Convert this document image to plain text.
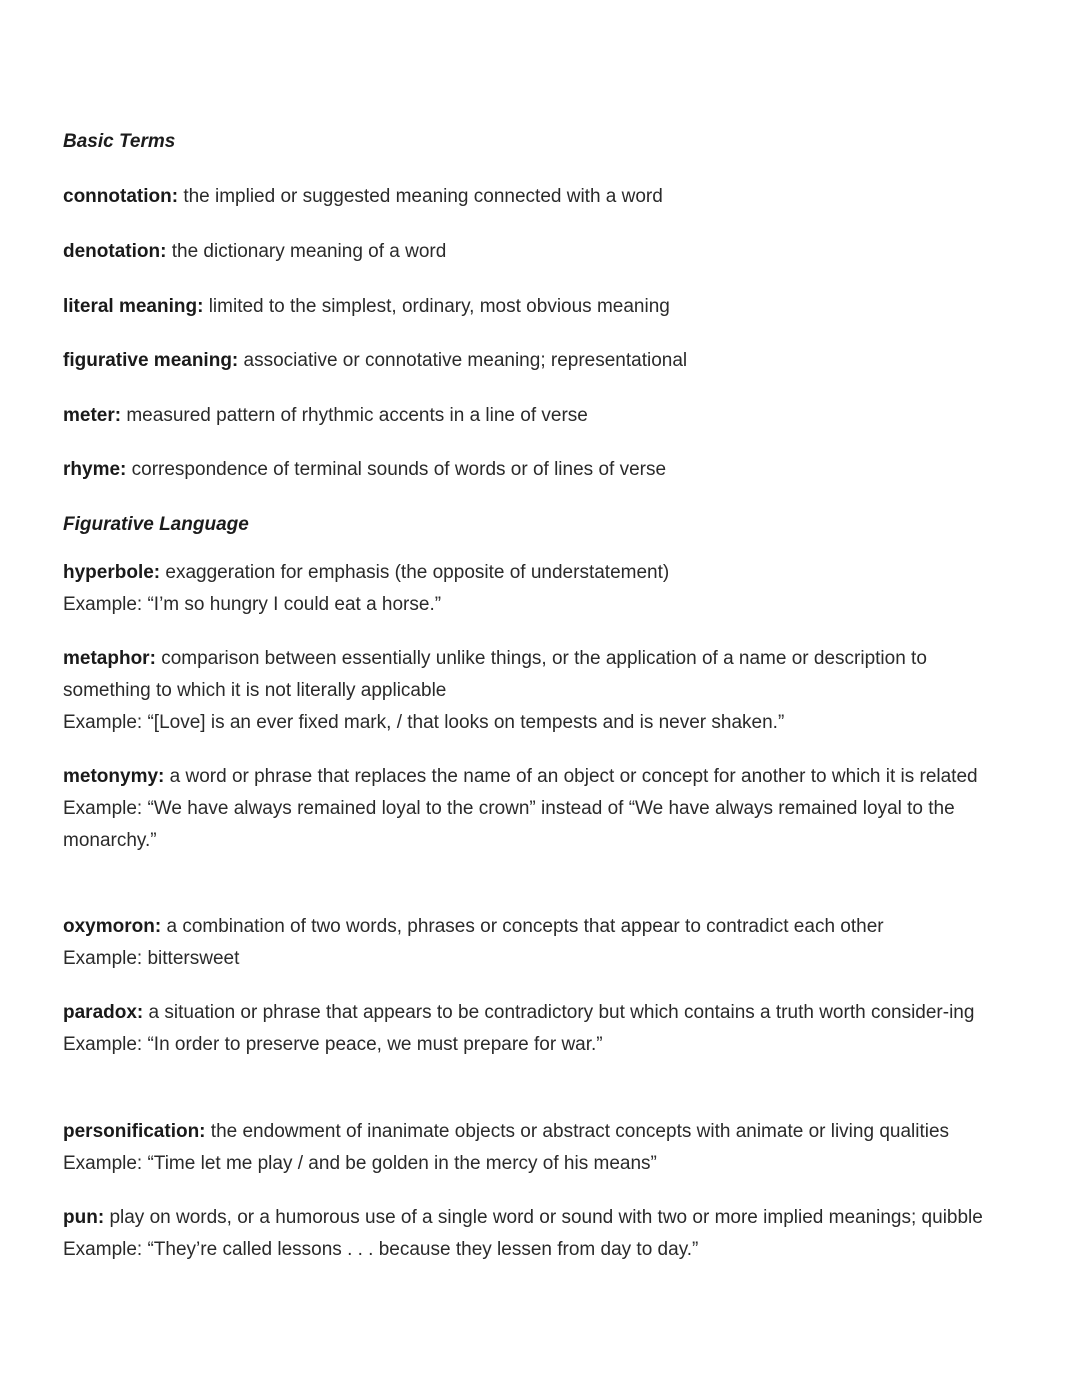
Basic Terms

connotation: the implied or suggested meaning connected with a word

denotation: the dictionary meaning of a word

literal meaning: limited to the simplest, ordinary, most obvious meaning

figurative meaning: associative or connotative meaning; representational

meter: measured pattern of rhythmic accents in a line of verse

rhyme: correspondence of terminal sounds of words or of lines of verse

Figurative Language

hyperbole: exaggeration for emphasis (the opposite of understatement)

Example: “I’m so hungry I could eat a horse.”

metaphor: comparison between essentially unlike things, or the application of a name or description to something to which it is not literally applicable

Example: “[Love] is an ever fixed mark, / that looks on tempests and is never shaken.”

metonymy: a word or phrase that replaces the name of an object or concept for another to which it is related

Example: “We have always remained loyal to the crown” instead of “We have always remained loyal to the monarchy.”

oxymoron: a combination of two words, phrases or concepts that appear to contradict each other

Example: bittersweet

paradox: a situation or phrase that appears to be contradictory but which contains a truth worth consider-ing

Example: “In order to preserve peace, we must prepare for war.”

personification: the endowment of inanimate objects or abstract concepts with animate or living qualities

Example: “Time let me play / and be golden in the mercy of his means”

pun: play on words, or a humorous use of a single word or sound with two or more implied meanings; quibble

Example: “They’re called lessons . . . because they lessen from day to day.”
